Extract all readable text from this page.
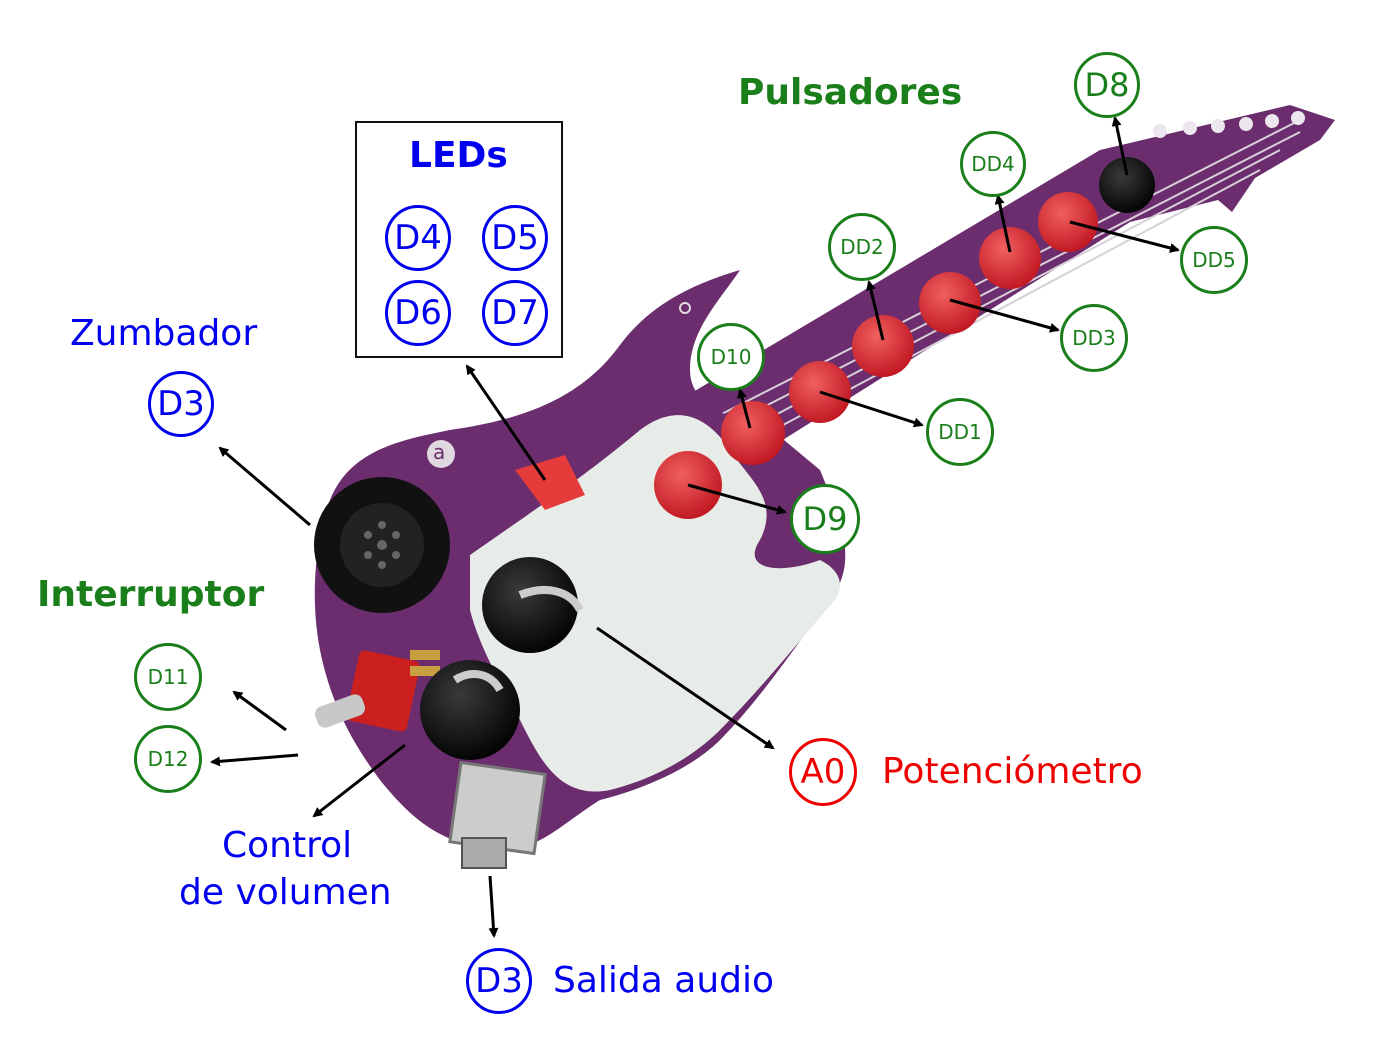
a
Pulsadores
Interruptor
Zumbador
Control
de volumen
Salida audio
Potenciómetro
LEDs
D4 D5
D6 D7
D8
DD4
DD5
DD2
DD3
D10
DD1
D9
D11
D12
D3
D3
A0
